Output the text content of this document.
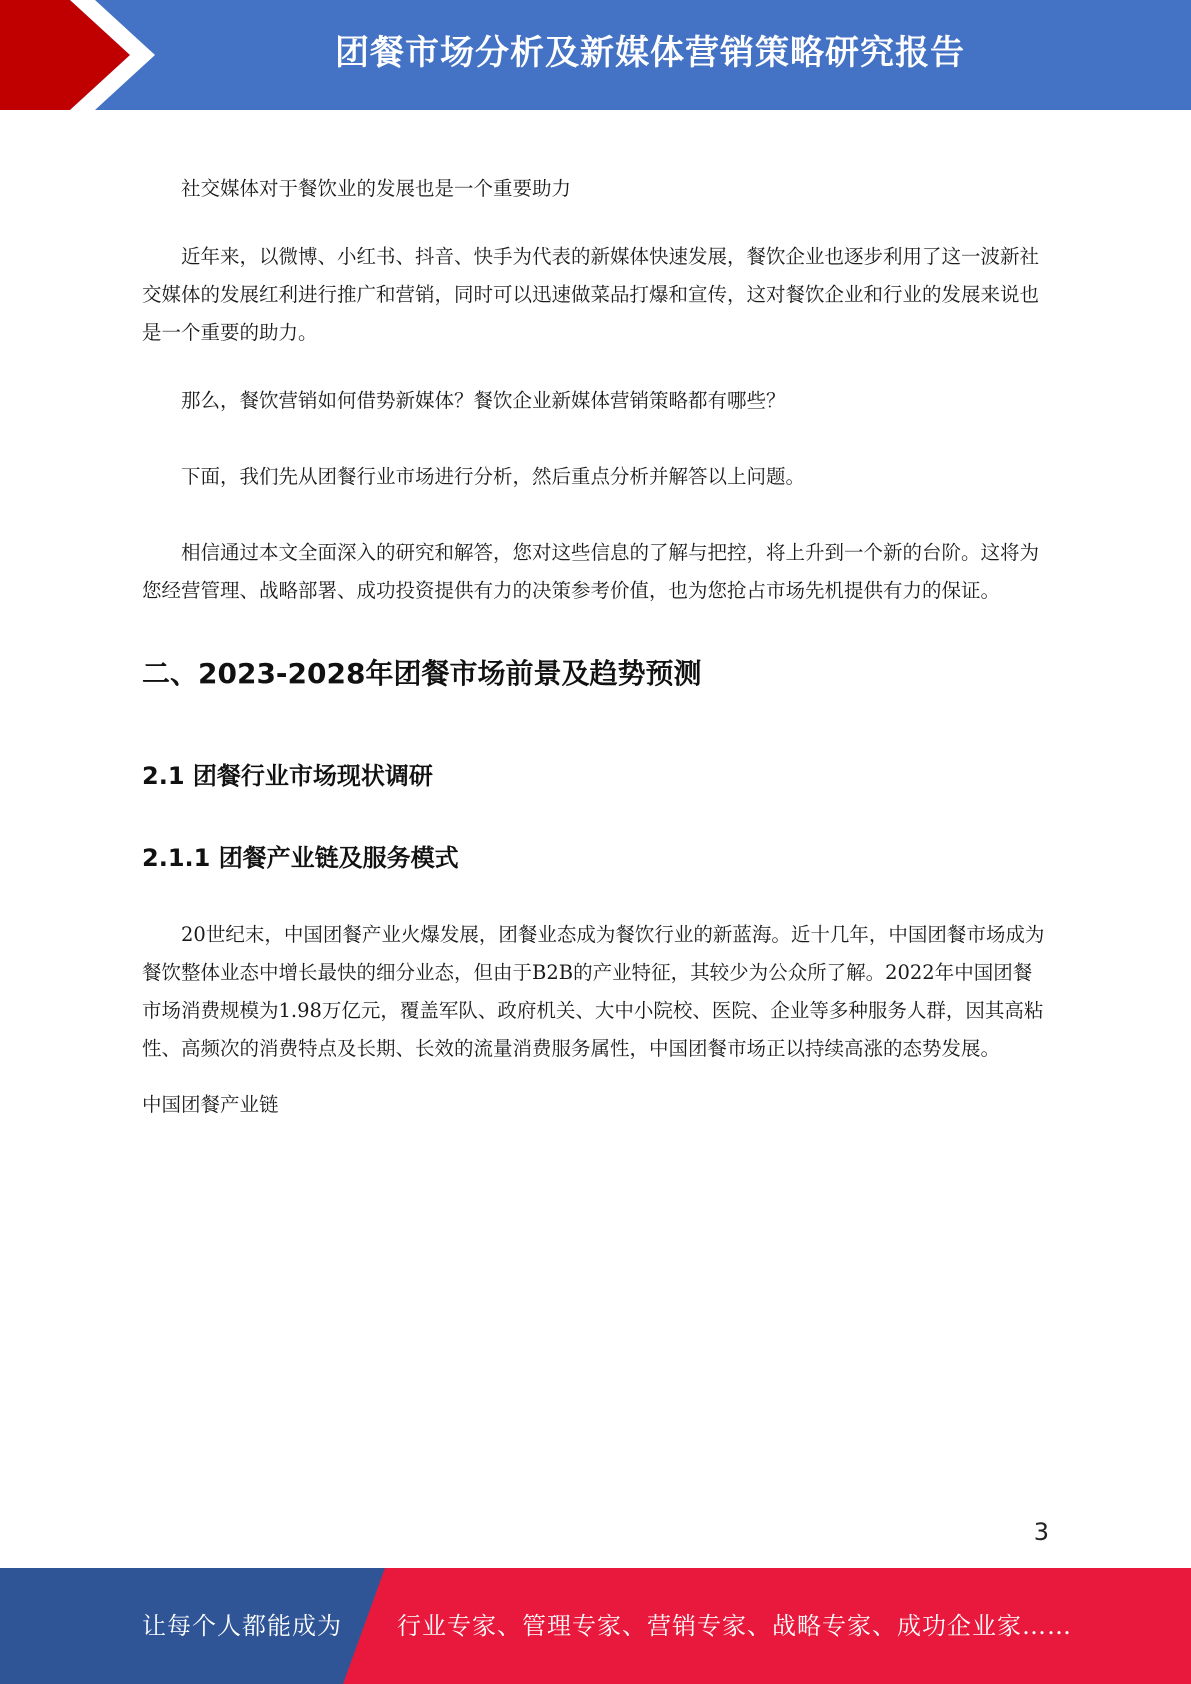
团餐市场分析及新媒体营销策略研究报告

社交媒体对于餐饮业的发展也是一个重要助力

近年来，以微博、小红书、抖音、快手为代表的新媒体快速发展，餐饮企业也逐步利用了这一波新社交媒体的发展红利进行推广和营销，同时可以迅速做菜品打爆和宣传，这对餐饮企业和行业的发展来说也是一个重要的助力。

那么，餐饮营销如何借势新媒体？餐饮企业新媒体营销策略都有哪些？

下面，我们先从团餐行业市场进行分析，然后重点分析并解答以上问题。

相信通过本文全面深入的研究和解答，您对这些信息的了解与把控，将上升到一个新的台阶。这将为您经营管理、战略部署、成功投资提供有力的决策参考价值，也为您抢占市场先机提供有力的保证。

二、2023-2028年团餐市场前景及趋势预测
2.1 团餐行业市场现状调研
2.1.1 团餐产业链及服务模式

20世纪末，中国团餐产业火爆发展，团餐业态成为餐饮行业的新蓝海。近十几年，中国团餐市场成为餐饮整体业态中增长最快的细分业态，但由于B2B的产业特征，其较少为公众所了解。2022年中国团餐市场消费规模为1.98万亿元，覆盖军队、政府机关、大中小院校、医院、企业等多种服务人群，因其高粘性、高频次的消费特点及长期、长效的流量消费服务属性，中国团餐市场正以持续高涨的态势发展。

中国团餐产业链

3
让每个人都能成为 行业专家、管理专家、营销专家、战略专家、成功企业家……
